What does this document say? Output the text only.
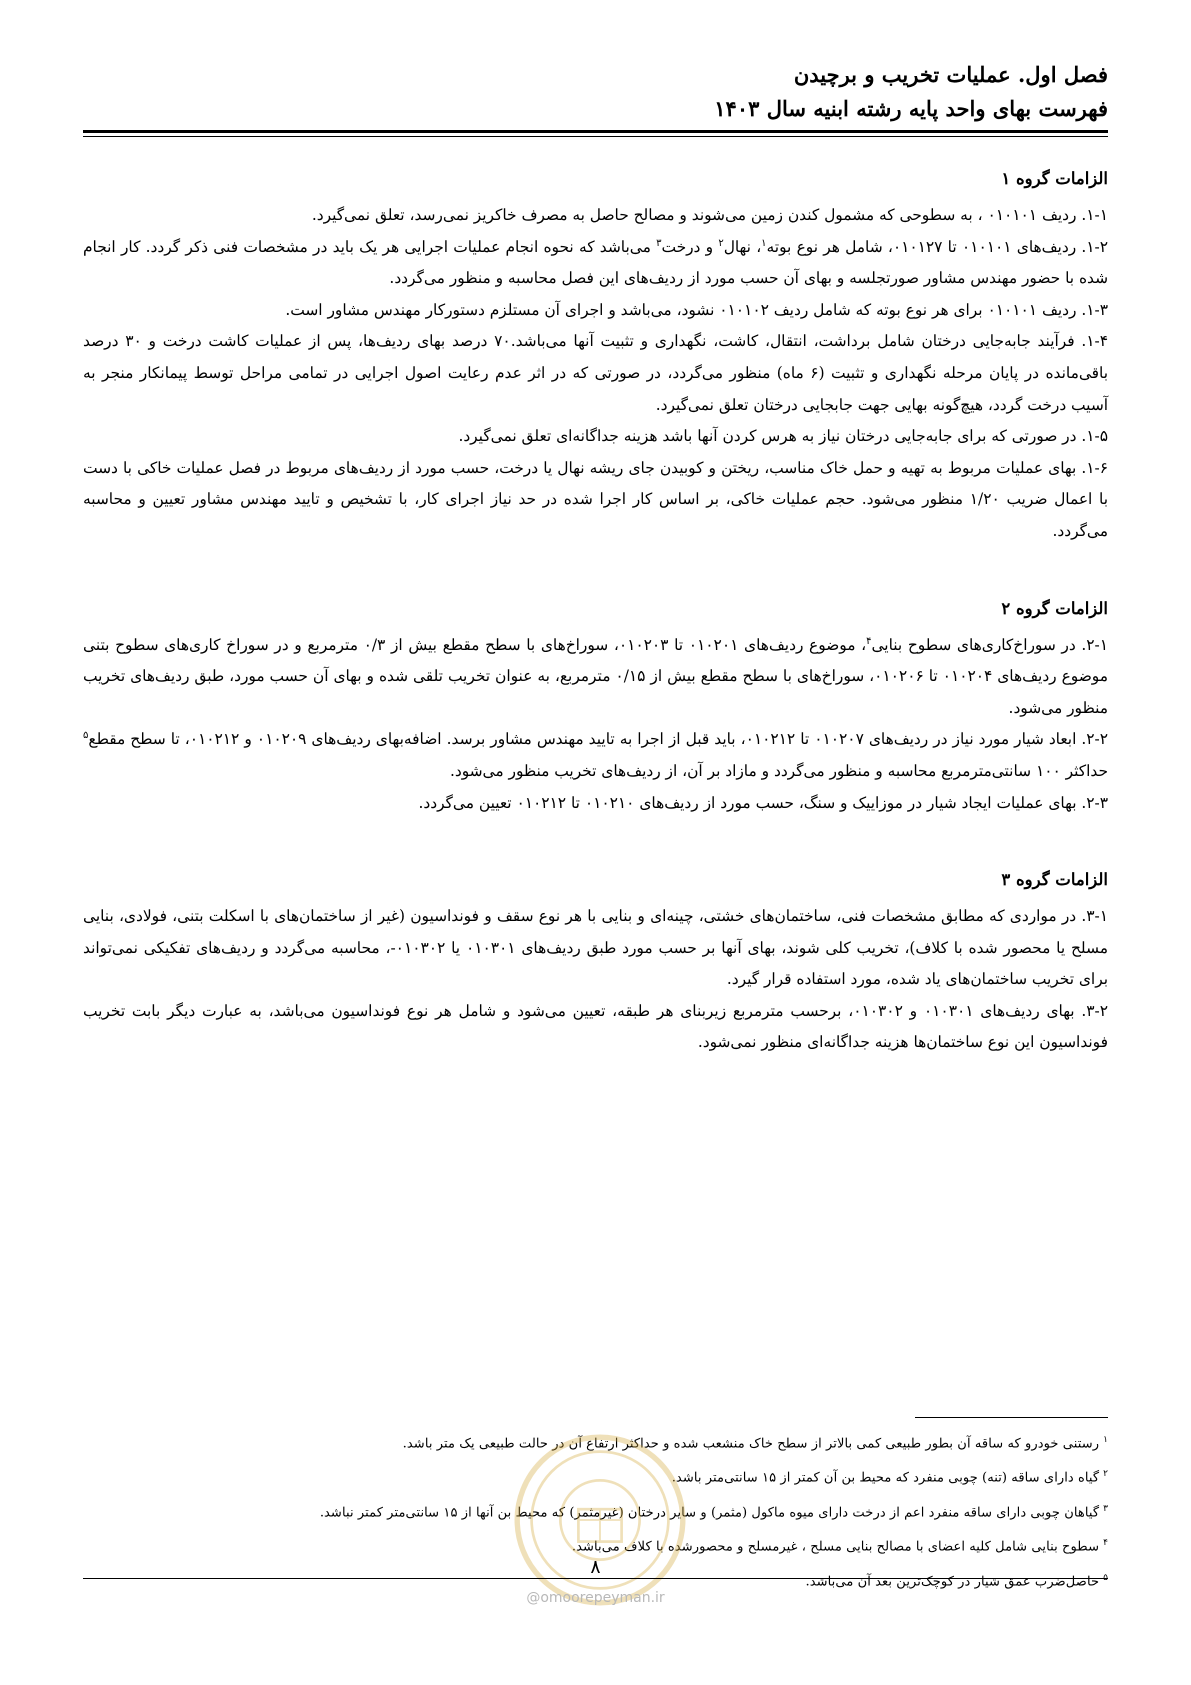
فصل اول. عملیات تخریب و برچیدن
فهرست بهای واحد پایه رشته ابنیه سال ۱۴۰۳
الزامات گروه ۱

۱-۱. ردیف ۰۱۰۱۰۱ ، به سطوحی که مشمول کندن زمین می‌شوند و مصالح حاصل به مصرف خاکریز نمی‌رسد، تعلق نمی‌گیرد.

۱-۲. ردیف‌های ۰۱۰۱۰۱ تا ۰۱۰۱۲۷، شامل هر نوع بوته$^۱$، نهال$^۲$ و درخت$^۳$ می‌باشد که نحوه انجام عملیات اجرایی هر یک باید در مشخصات فنی ذکر گردد. کار انجام شده با حضور مهندس مشاور صورتجلسه و بهای آن حسب مورد از ردیف‌های این فصل محاسبه و منظور می‌گردد.

۱-۳. ردیف ۰۱۰۱۰۱ برای هر نوع بوته که شامل ردیف ۰۱۰۱۰۲ نشود، می‌باشد و اجرای آن مستلزم دستورکار مهندس مشاور است.

۱-۴. فرآیند جابه‌جایی درختان شامل برداشت، انتقال، کاشت، نگهداری و تثبیت آنها می‌باشد.۷۰ درصد بهای ردیف‌ها، پس از عملیات کاشت درخت و ۳۰ درصد باقی‌مانده در پایان مرحله نگهداری و تثبیت (۶ ماه) منظور می‌گردد، در صورتی که در اثر عدم رعایت اصول اجرایی در تمامی مراحل توسط پیمانکار منجر به آسیب درخت گردد، هیچ‌گونه بهایی جهت جابجایی درختان تعلق نمی‌گیرد.

۱-۵. در صورتی که برای جابه‌جایی درختان نیاز به هرس کردن آنها باشد هزینه جداگانه‌ای تعلق نمی‌گیرد.

۱-۶. بهای عملیات مربوط به تهیه و حمل خاک مناسب، ریختن و کوبیدن جای ریشه نهال یا درخت، حسب مورد از ردیف‌های مربوط در فصل عملیات خاکی با دست با اعمال ضریب ۱/۲۰ منظور می‌شود. حجم عملیات خاکی، بر اساس کار اجرا شده در حد نیاز اجرای کار، با تشخیص و تایید مهندس مشاور تعیین و محاسبه می‌گردد.

الزامات گروه ۲

۲-۱. در سوراخ‌کاری‌های سطوح بنایی$^۴$، موضوع ردیف‌های ۰۱۰۲۰۱ تا ۰۱۰۲۰۳، سوراخ‌های با سطح مقطع بیش از ۰/۳ مترمربع و در سوراخ کاری‌های سطوح بتنی موضوع ردیف‌های ۰۱۰۲۰۴ تا ۰۱۰۲۰۶، سوراخ‌های با سطح مقطع بیش از ۰/۱۵ مترمربع، به عنوان تخریب تلقی شده و بهای آن حسب مورد، طبق ردیف‌های تخریب منظور می‌شود.

۲-۲. ابعاد شیار مورد نیاز در ردیف‌های ۰۱۰۲۰۷ تا ۰۱۰۲۱۲، باید قبل از اجرا به تایید مهندس مشاور برسد. اضافه‌بهای ردیف‌های ۰۱۰۲۰۹ و ۰۱۰۲۱۲، تا سطح مقطع$^۵$ حداکثر ۱۰۰ سانتی‌مترمربع محاسبه و منظور می‌گردد و مازاد بر آن، از ردیف‌های تخریب منظور می‌شود.

۲-۳. بهای عملیات ایجاد شیار در موزاییک و سنگ، حسب مورد از ردیف‌های ۰۱۰۲۱۰ تا ۰۱۰۲۱۲ تعیین می‌گردد.

الزامات گروه ۳

۳-۱. در مواردی که مطابق مشخصات فنی، ساختمان‌های خشتی، چینه‌ای و بنایی با هر نوع سقف و فونداسیون (غیر از ساختمان‌های با اسکلت بتنی، فولادی، بنایی مسلح یا محصور شده با کلاف)، تخریب کلی شوند، بهای آنها بر حسب مورد طبق ردیف‌های ۰۱۰۳۰۱ یا ۰۱۰۳۰۲-، محاسبه می‌گردد و ردیف‌های تفکیکی نمی‌تواند برای تخریب ساختمان‌های یاد شده، مورد استفاده قرار گیرد.

۳-۲. بهای ردیف‌های ۰۱۰۳۰۱ و ۰۱۰۳۰۲، برحسب مترمربع زیربنای هر طبقه، تعیین می‌شود و شامل هر نوع فونداسیون می‌باشد، به عبارت دیگر بابت تخریب فونداسیون این نوع ساختمان‌ها هزینه جداگانه‌ای منظور نمی‌شود.

$^۱$رستنی خودرو که ساقه آن بطور طبیعی کمی بالاتر از سطح خاک منشعب شده و حداکثر ارتفاع آن در حالت طبیعی یک متر باشد.
$^۲$گیاه دارای ساقه (تنه) چوبی منفرد که محیط بن آن کمتر از ۱۵ سانتی‌متر باشد.
$^۳$گیاهان چوبی دارای ساقه منفرد اعم از درخت دارای میوه ماکول (مثمر) و سایر درختان (غیرمثمر) که محیط بن آنها از ۱۵ سانتی‌متر کمتر نباشد.
$^۴$سطوح بنایی شامل کلیه اعضای با مصالح بنایی مسلح ، غیرمسلح و محصورشده با کلاف می‌باشد.
$^۵$حاصل‌ضرب عمق شیار در کوچک‌ترین بعد آن می‌باشد.
۸
@omoorepeyman.ir
